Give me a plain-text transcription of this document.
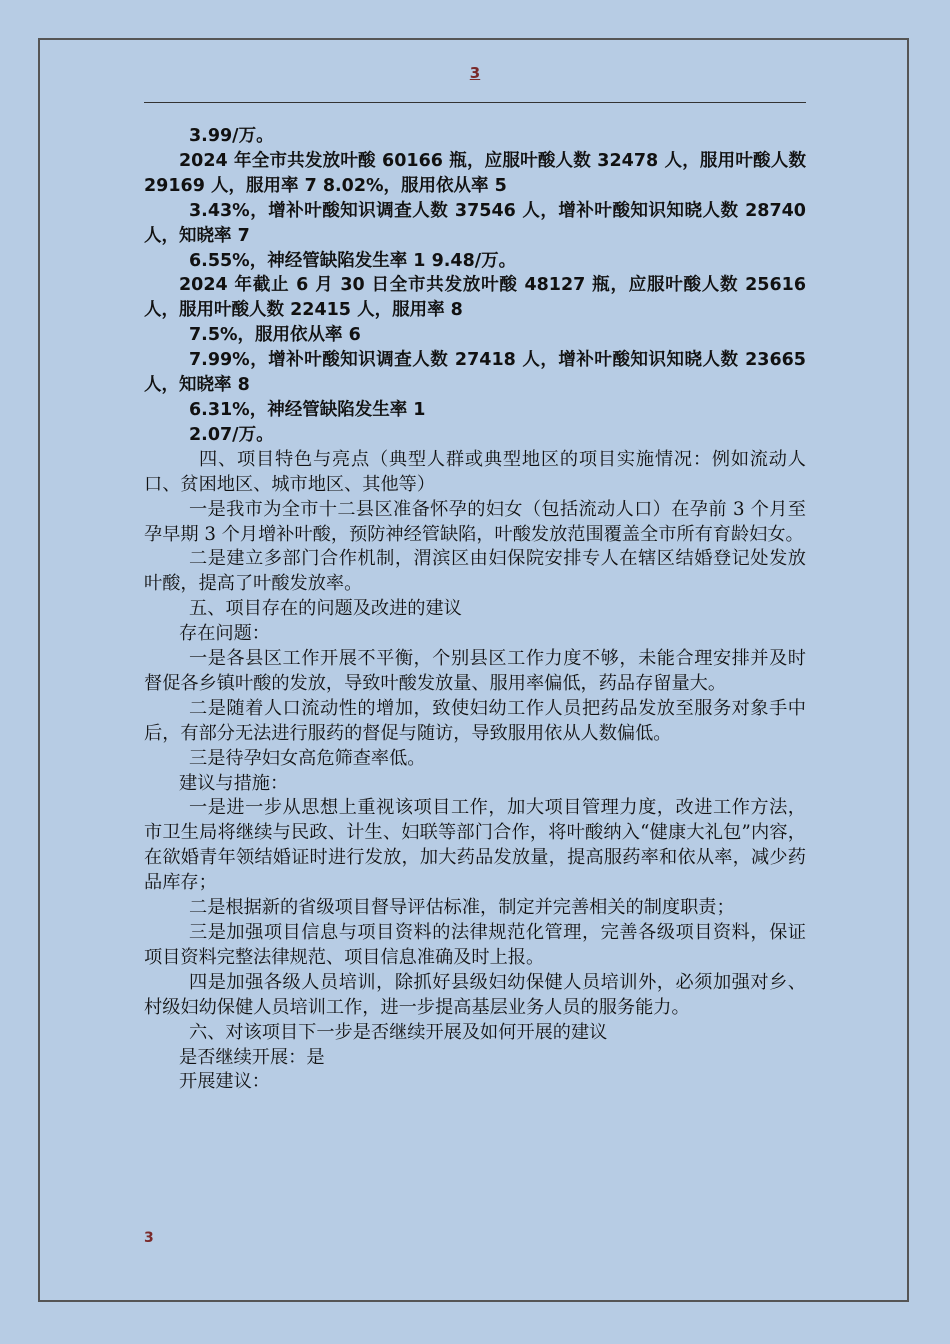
3

3.99/万。

2024 年全市共发放叶酸 60166 瓶，应服叶酸人数 32478 人，服用叶酸人数 29169 人，服用率 7 8.02%，服用依从率 5

3.43%，增补叶酸知识调查人数 37546 人，增补叶酸知识知晓人数 28740 人，知晓率 7

6.55%，神经管缺陷发生率 1 9.48/万。

2024 年截止 6 月 30 日全市共发放叶酸 48127 瓶，应服叶酸人数 25616 人，服用叶酸人数 22415 人，服用率 8

7.5%，服用依从率 6

7.99%，增补叶酸知识调查人数 27418 人，增补叶酸知识知晓人数 23665 人，知晓率 8

6.31%，神经管缺陷发生率 1

2.07/万。

四、项目特色与亮点（典型人群或典型地区的项目实施情况：例如流动人口、贫困地区、城市地区、其他等）

一是我市为全市十二县区准备怀孕的妇女（包括流动人口）在孕前 3 个月至孕早期 3 个月增补叶酸，预防神经管缺陷，叶酸发放范围覆盖全市所有育龄妇女。

二是建立多部门合作机制，渭滨区由妇保院安排专人在辖区结婚登记处发放叶酸，提高了叶酸发放率。

五、项目存在的问题及改进的建议

存在问题：

一是各县区工作开展不平衡，个别县区工作力度不够，未能合理安排并及时督促各乡镇叶酸的发放，导致叶酸发放量、服用率偏低，药品存留量大。

二是随着人口流动性的增加，致使妇幼工作人员把药品发放至服务对象手中后，有部分无法进行服药的督促与随访，导致服用依从人数偏低。

三是待孕妇女高危筛查率低。

建议与措施：

一是进一步从思想上重视该项目工作，加大项目管理力度，改进工作方法，市卫生局将继续与民政、计生、妇联等部门合作，将叶酸纳入“健康大礼包”内容，在欲婚青年领结婚证时进行发放，加大药品发放量，提高服药率和依从率，减少药品库存；

二是根据新的省级项目督导评估标准，制定并完善相关的制度职责；

三是加强项目信息与项目资料的法律规范化管理，完善各级项目资料，保证项目资料完整法律规范、项目信息准确及时上报。

四是加强各级人员培训，除抓好县级妇幼保健人员培训外，必须加强对乡、村级妇幼保健人员培训工作，进一步提高基层业务人员的服务能力。

六、对该项目下一步是否继续开展及如何开展的建议

是否继续开展：是

开展建议：

3
